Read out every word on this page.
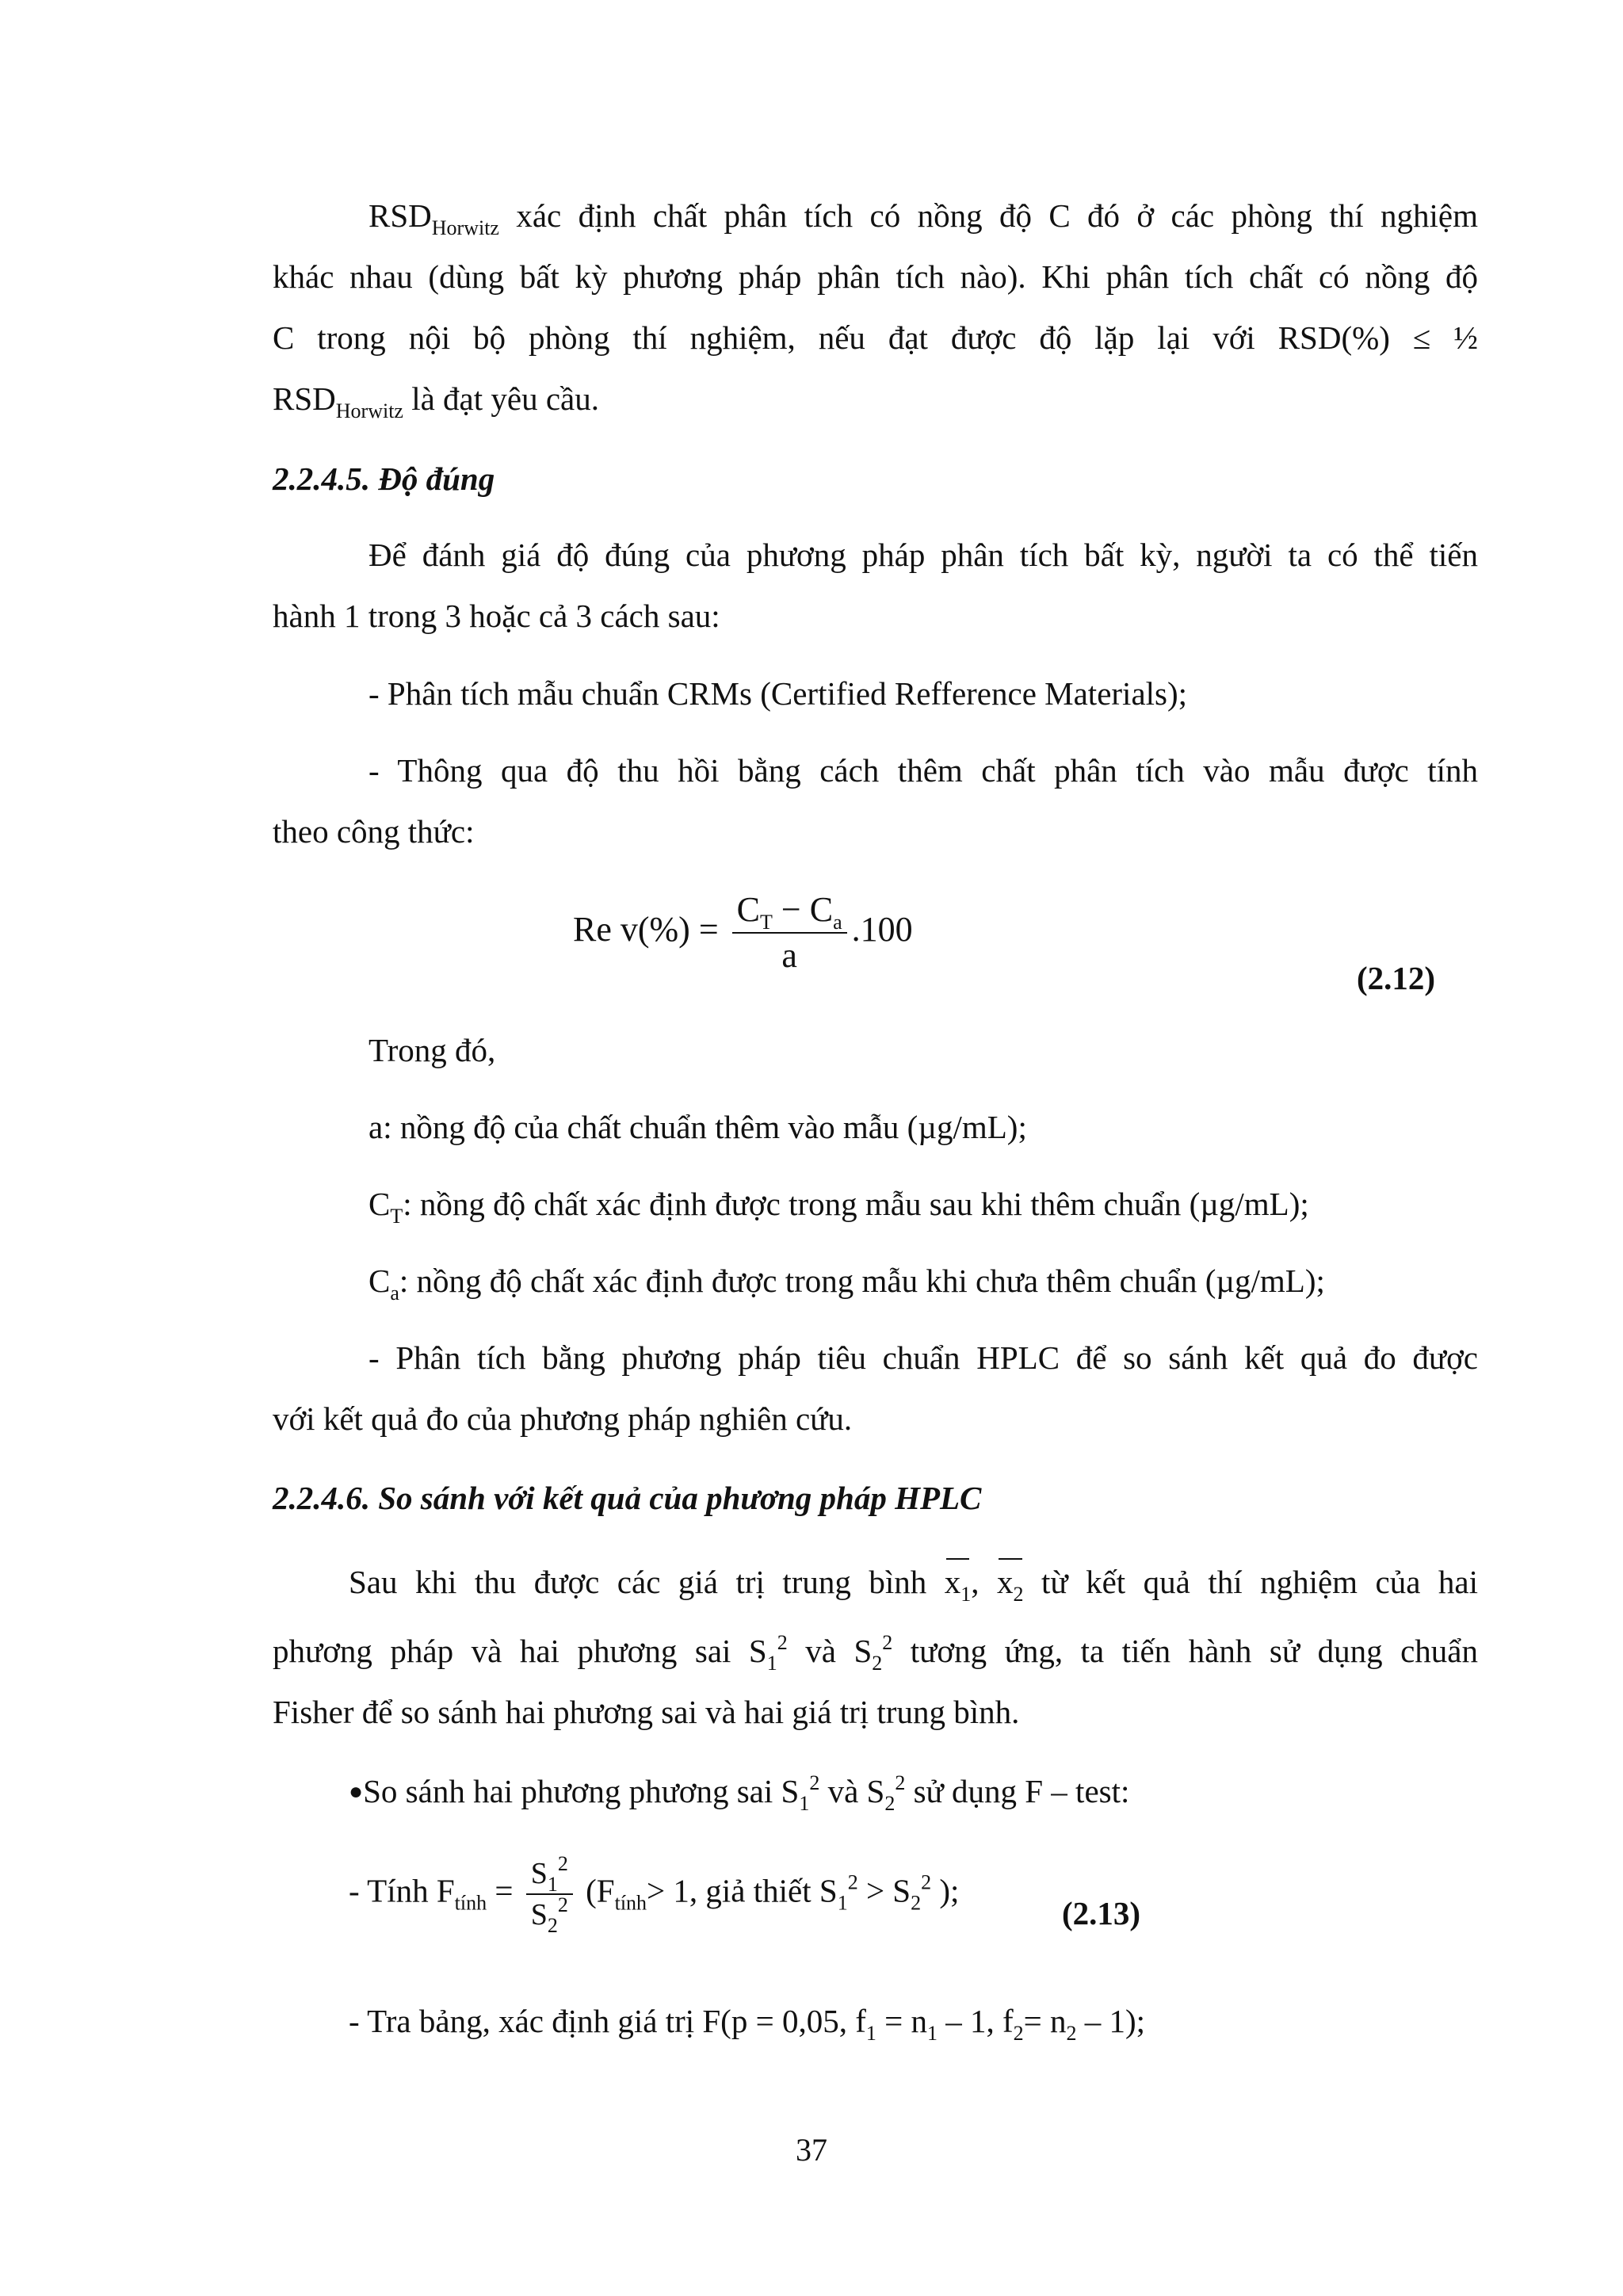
$RSD_{Horwitz}$ xác định chất phân tích có nồng độ C đó ở các phòng thí nghiệm
khác nhau (dùng bất kỳ phương pháp phân tích nào). Khi phân tích chất có nồng độ
C trong nội bộ phòng thí nghiệm, nếu đạt được độ lặp lại với RSD(%) ≤ ½
$RSD_{Horwitz}$ là đạt yêu cầu.
2.2.4.5. Độ đúng
Để đánh giá độ đúng của phương pháp phân tích bất kỳ, người ta có thể tiến
hành 1 trong 3 hoặc cả 3 cách sau:
- Phân tích mẫu chuẩn CRMs (Certified Refference Materials);
- Thông qua độ thu hồi bằng cách thêm chất phân tích vào mẫu được tính
theo công thức:
Re $v(\%) = \frac{C_T - C_a}{a} .100$
(2.12)
Trong đó,
a: nồng độ của chất chuẩn thêm vào mẫu (µg/mL);
$C_T$: nồng độ chất xác định được trong mẫu sau khi thêm chuẩn (µg/mL);
$C_a$: nồng độ chất xác định được trong mẫu khi chưa thêm chuẩn (µg/mL);
- Phân tích bằng phương pháp tiêu chuẩn HPLC để so sánh kết quả đo được
với kết quả đo của phương pháp nghiên cứu.
2.2.4.6. So sánh với kết quả của phương pháp HPLC
Sau khi thu được các giá trị trung bình $x_1$, $x_2$ từ kết quả thí nghiệm của hai
phương pháp và hai phương sai $S_1^2$ và $S_2^2$ tương ứng, ta tiến hành sử dụng chuẩn
Fisher để so sánh hai phương sai và hai giá trị trung bình.
●So sánh hai phương phương sai $S_1^2$ và $S_2^2$ sử dụng F – test:
- Tính $F_{tính} = \frac{S_1^2}{S_2^2} (F_{tính}> 1$, giả thiết $S_1^2 > S_2^2$ );
(2.13)
- Tra bảng, xác định giá trị F(p = 0,05, $f_1 = n_1 - 1$, $f_2= n_2 - 1$);
37
